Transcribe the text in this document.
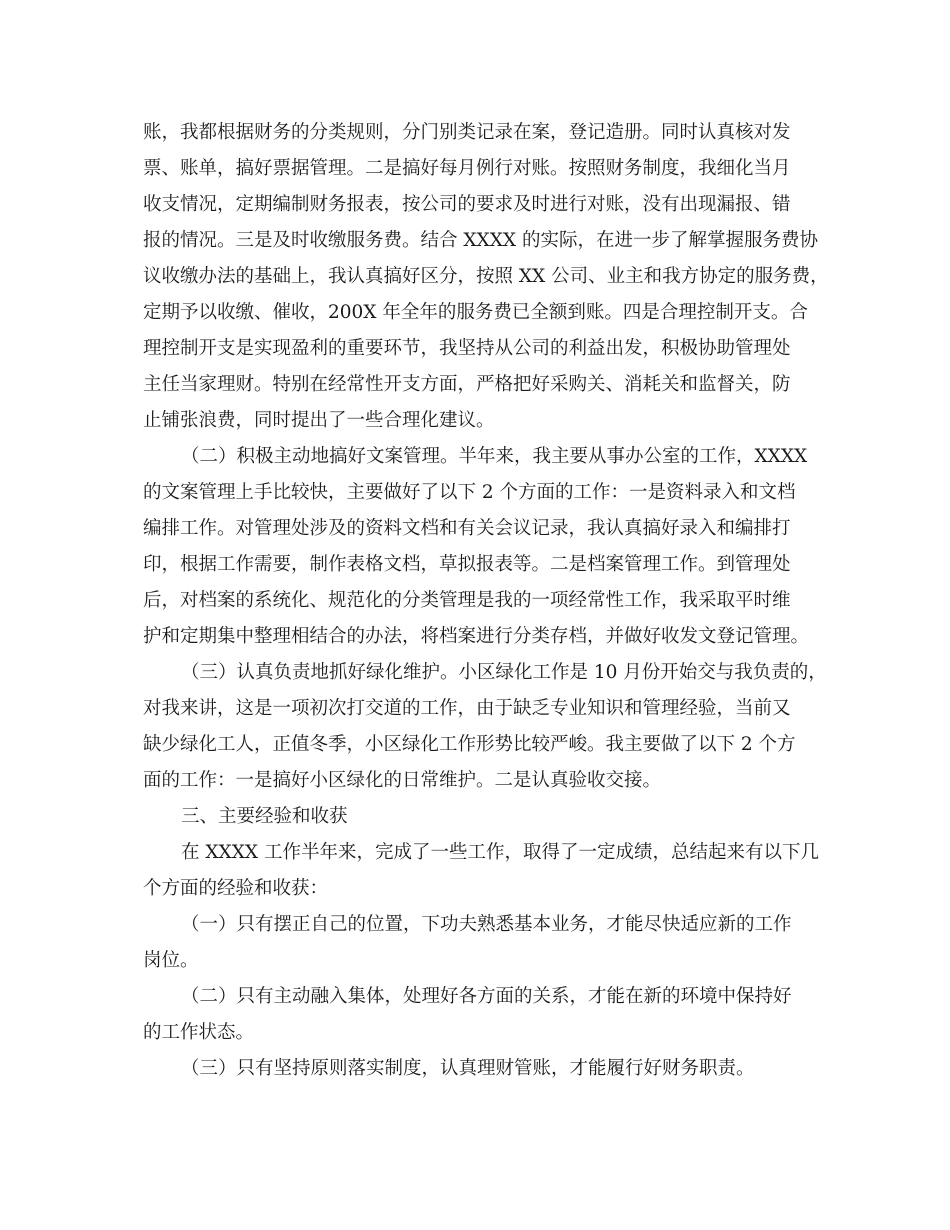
账，我都根据财务的分类规则，分门别类记录在案，登记造册。同时认真核对发
票、账单，搞好票据管理。二是搞好每月例行对账。按照财务制度，我细化当月
收支情况，定期编制财务报表，按公司的要求及时进行对账，没有出现漏报、错
报的情况。三是及时收缴服务费。结合 XXXX 的实际，在进一步了解掌握服务费协
议收缴办法的基础上，我认真搞好区分，按照 XX 公司、业主和我方协定的服务费，
定期予以收缴、催收，200X 年全年的服务费已全额到账。四是合理控制开支。合
理控制开支是实现盈利的重要环节，我坚持从公司的利益出发，积极协助管理处
主任当家理财。特别在经常性开支方面，严格把好采购关、消耗关和监督关，防
止铺张浪费，同时提出了一些合理化建议。
（二）积极主动地搞好文案管理。半年来，我主要从事办公室的工作，XXXX
的文案管理上手比较快，主要做好了以下 2 个方面的工作：一是资料录入和文档
编排工作。对管理处涉及的资料文档和有关会议记录，我认真搞好录入和编排打
印，根据工作需要，制作表格文档，草拟报表等。二是档案管理工作。到管理处
后，对档案的系统化、规范化的分类管理是我的一项经常性工作，我采取平时维
护和定期集中整理相结合的办法，将档案进行分类存档，并做好收发文登记管理。
（三）认真负责地抓好绿化维护。小区绿化工作是 10 月份开始交与我负责的，
对我来讲，这是一项初次打交道的工作，由于缺乏专业知识和管理经验，当前又
缺少绿化工人，正值冬季，小区绿化工作形势比较严峻。我主要做了以下 2 个方
面的工作：一是搞好小区绿化的日常维护。二是认真验收交接。
三、主要经验和收获
在 XXXX 工作半年来，完成了一些工作，取得了一定成绩，总结起来有以下几
个方面的经验和收获：
（一）只有摆正自己的位置，下功夫熟悉基本业务，才能尽快适应新的工作
岗位。
（二）只有主动融入集体，处理好各方面的关系，才能在新的环境中保持好
的工作状态。
（三）只有坚持原则落实制度，认真理财管账，才能履行好财务职责。
